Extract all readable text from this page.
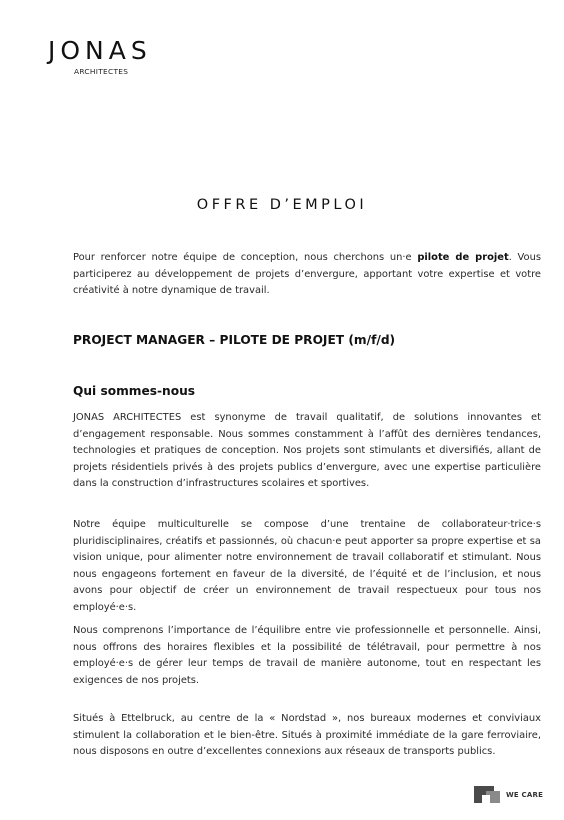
JONAS
ARCHITECTES
OFFRE D’EMPLOI
Pour renforcer notre équipe de conception, nous cherchons un·e pilote de projet. Vous participerez au développement de projets d’envergure, apportant votre expertise et votre créativité à notre dynamique de travail.
PROJECT MANAGER – PILOTE DE PROJET (m/f/d)
Qui sommes-nous
JONAS ARCHITECTES est synonyme de travail qualitatif, de solutions innovantes et d’engagement responsable. Nous sommes constamment à l’affût des dernières tendances, technologies et pratiques de conception. Nos projets sont stimulants et diversifiés, allant de projets résidentiels privés à des projets publics d’envergure, avec une expertise particulière dans la construction d’infrastructures scolaires et sportives.
Notre équipe multiculturelle se compose d’une trentaine de collaborateur·trice·s pluridisciplinaires, créatifs et passionnés, où chacun·e peut apporter sa propre expertise et sa vision unique, pour alimenter notre environnement de travail collaboratif et stimulant. Nous nous engageons fortement en faveur de la diversité, de l’équité et de l’inclusion, et nous avons pour objectif de créer un environnement de travail respectueux pour tous nos employé·e·s.
Nous comprenons l’importance de l’équilibre entre vie professionnelle et personnelle. Ainsi, nous offrons des horaires flexibles et la possibilité de télétravail, pour permettre à nos employé·e·s de gérer leur temps de travail de manière autonome, tout en respectant les exigences de nos projets.
Situés à Ettelbruck, au centre de la « Nordstad », nos bureaux modernes et conviviaux stimulent la collaboration et le bien-être. Situés à proximité immédiate de la gare ferroviaire, nous disposons en outre d’excellentes connexions aux réseaux de transports publics.
WE CARE
